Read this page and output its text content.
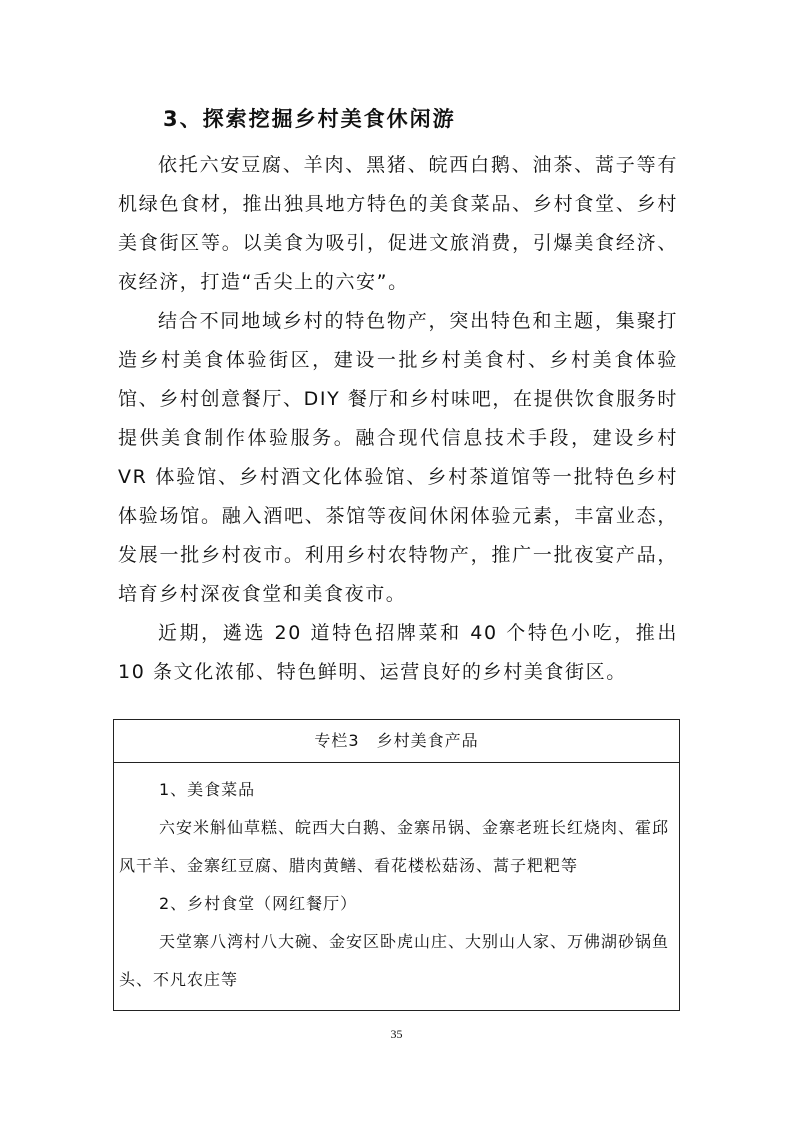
3、探索挖掘乡村美食休闲游

依托六安豆腐、羊肉、黑猪、皖西白鹅、油茶、蒿子等有机绿色食材，推出独具地方特色的美食菜品、乡村食堂、乡村美食街区等。以美食为吸引，促进文旅消费，引爆美食经济、夜经济，打造“舌尖上的六安”。

结合不同地域乡村的特色物产，突出特色和主题，集聚打造乡村美食体验街区，建设一批乡村美食村、乡村美食体验馆、乡村创意餐厅、DIY 餐厅和乡村味吧，在提供饮食服务时提供美食制作体验服务。融合现代信息技术手段，建设乡村 VR 体验馆、乡村酒文化体验馆、乡村茶道馆等一批特色乡村体验场馆。融入酒吧、茶馆等夜间休闲体验元素，丰富业态，发展一批乡村夜市。利用乡村农特物产，推广一批夜宴产品，培育乡村深夜食堂和美食夜市。

近期，遴选 20 道特色招牌菜和 40 个特色小吃，推出 10 条文化浓郁、特色鲜明、运营良好的乡村美食街区。

专栏3　乡村美食产品

1、美食菜品

六安米斛仙草糕、皖西大白鹅、金寨吊锅、金寨老班长红烧肉、霍邱风干羊、金寨红豆腐、腊肉黄鳝、看花楼松菇汤、蒿子粑粑等

2、乡村食堂（网红餐厅）

天堂寨八湾村八大碗、金安区卧虎山庄、大别山人家、万佛湖砂锅鱼头、不凡农庄等

35
